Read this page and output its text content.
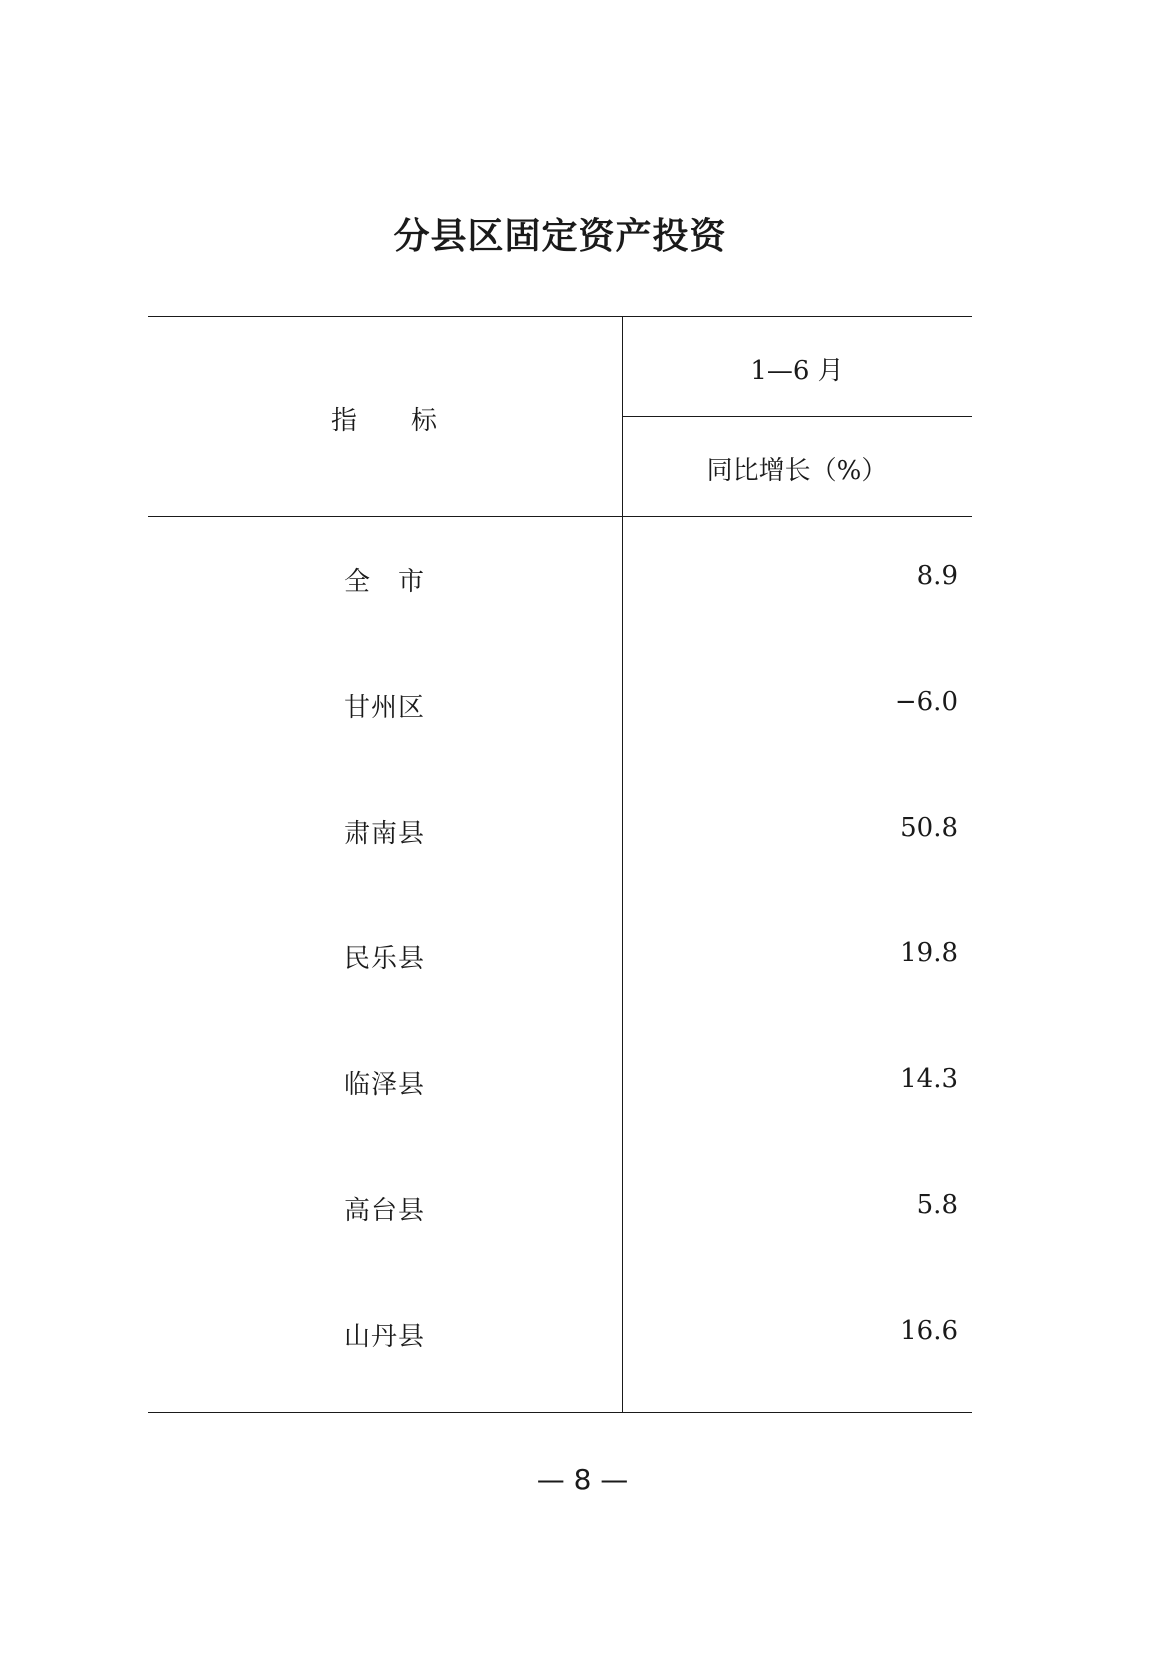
分县区固定资产投资
指 标
1—6 月
同比增长（%）
全　市	8.9
甘州区	−6.0
肃南县	50.8
民乐县	19.8
临泽县	14.3
高台县	5.8
山丹县	16.6
— 8 —
